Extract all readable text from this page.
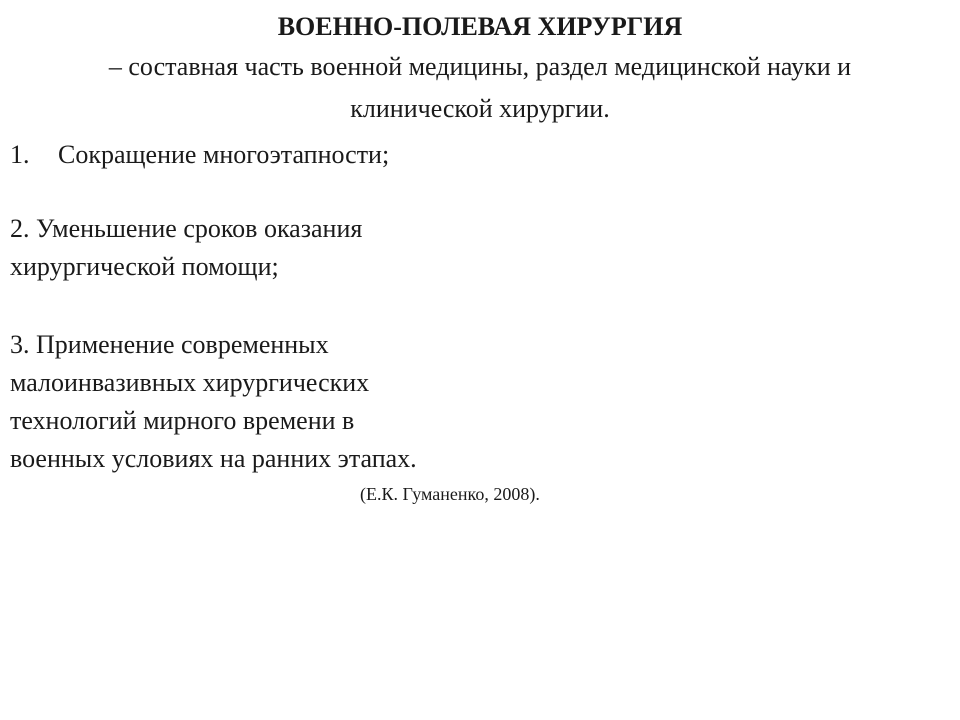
ВОЕННО-ПОЛЕВАЯ ХИРУРГИЯ
– составная часть военной медицины, раздел медицинской науки и
клинической хирургии.
1. Сокращение многоэтапности;
2. Уменьшение сроков оказания
хирургической помощи;
3. Применение современных
малоинвазивных хирургических
технологий мирного времени в
военных условиях на ранних этапах.
(Е.К. Гуманенко, 2008).
